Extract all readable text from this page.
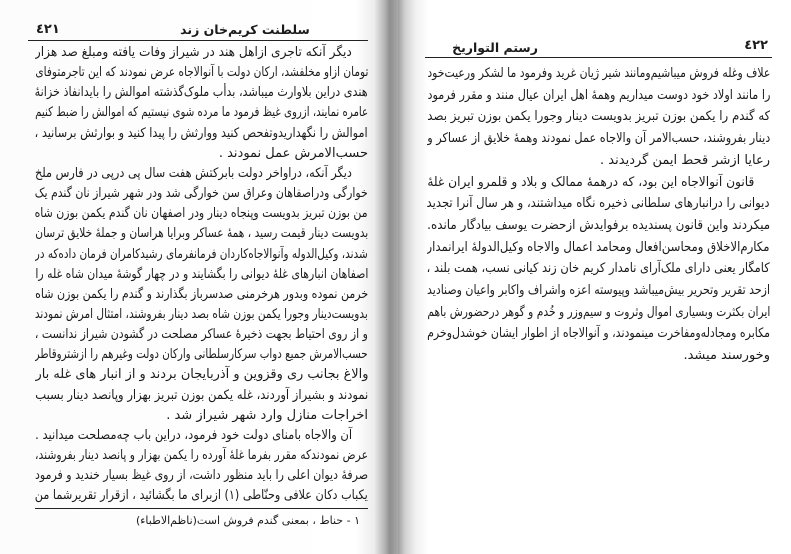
٤٢١	سلطنت کریم‌خان زند
دیگر آنکه تاجری ازاهل هند در شیراز وفات یافته ومبلغ صد هزار
تومان ازاو مخلفشد، ارکان دولت با آنوالاجاه عرض نمودند که این تاجرمتوفای
هندی دراین بلاوارث میباشد، بدأب ملوک‌گذشته اموالش را بایدانفاذ خزانهٔ
عامره نمایند، ازروی غیظ فرمود ما مرده شوی نیستیم که اموالش را ضبط کنیم
اموالش را نگهداریدوتفحص کنید ووارثش را پیدا کنید و بوارثش برسانید ،
حسب‌الامرش عمل نمودند .
دیگر آنکه، دراواخر دولت بابرکتش هفت سال پی درپی در فارس ملخ
خوارگی ودراصفاهان وعراق سن خوارگی شد ودر شهر شیراز نان گندم یک
من بوزن تبریز بدویست وپنجاه دینار ودر اصفهان نان گندم یکمن بوزن شاه
بدویست دینار قیمت رسید ، همهٔ عساکر وبرایا هراسان و جملهٔ خلایق ترسان
شدند، وکیل‌الدوله وآنوالاجاه‌کاردان فرمانفرمای رشیدکامران فرمان داده‌که در
اصفاهان انبارهای غلهٔ دیوانی را بگشایند و در چهار گوشهٔ میدان شاه غله را
خرمن نموده وبدور هرخرمنی صدسرباز بگذارند و گندم را یکمن بوزن شاه
بدویست‌دینار وجورا یکمن بوزن شاه بصد دینار بفروشند، امتثال امرش نمودند
و از روی احتیاط بجهت ذخیرهٔ عساکر مصلحت در گشودن شیراز ندانست ،
حسب‌الامرش جمیع دواب سرکارسلطانی وارکان دولت وغیرهم را ازشتروقاطر
والاغ بجانب ری وقزوین و آذربایجان بردند و از انبار های غله بار
نمودند و بشیراز آوردند، غله یکمن بوزن تبریز بهزار وپانصد دینار بسبب
اخراجات منازل وارد شهر شیراز شد .
آن والاجاه بامنای دولت خود فرمود، دراین باب چه‌مصلحت میدانید .
عرض نمودندکه مقرر بفرما غلهٔ آورده را یکمن بهزار و پانصد دینار بفروشند،
صرفهٔ دیوان اعلی را باید منظور داشت، از روی غیظ بسیار خندید و فرمود
یکباب دکان علافی وحنّاطی (۱) ازبرای ما بگشائید ، ازقرار تقریرشما من
۱ - حناط ، بمعنی گندم فروش است(ناظم‌الاطباء)
٤٢٢
رستم التواریخ
علاف وغله فروش میباشیم‌ومانند شیر ژیان غرید وفرمود ما لشکر ورعیت‌خود
را مانند اولاد خود دوست میداریم وهمهٔ اهل ایران عیال منند و مقرر فرمود
که گندم را یکمن بوزن تبریز بدویست دینار وجورا یکمن بوزن تبریز بصد
دینار بفروشند، حسب‌الامر آن والاجاه عمل نمودند وهمهٔ خلایق از عساکر و
رعایا ازشر قحط ایمن گردیدند .
قانون آنوالاجاه این بود، که درهمهٔ ممالک و بلاد و قلمرو ایران غلهٔ
دیوانی را درانبارهای سلطانی ذخیره نگاه میداشتند، و هر سال آنرا تجدید
میکردند واین قانون پسندیده برفوایدش ازحضرت یوسف بیادگار مانده.
مکارم‌الاخلاق ومحاسن‌افعال ومحامد اعمال والاجاه وکیل‌الدولهٔ ایرانمدار
کامگار یعنی دارای ملک‌آرای نامدار کریم خان زند کیانی نسب، همت بلند ،
ازحد تقریر وتحریر بیش‌میباشد وپیوسته اعزه واشراف واکابر واعیان وصنادید
ایران بکثرت وبسیاری اموال وثروت و سیم‌وزر و خُدم و گوهر درحضورش باهم
مکابره ومجادله‌ومفاخرت مینمودند، و آنوالاجاه از اطوار ایشان خوشدل‌وخرم
وخورسند میشد.
